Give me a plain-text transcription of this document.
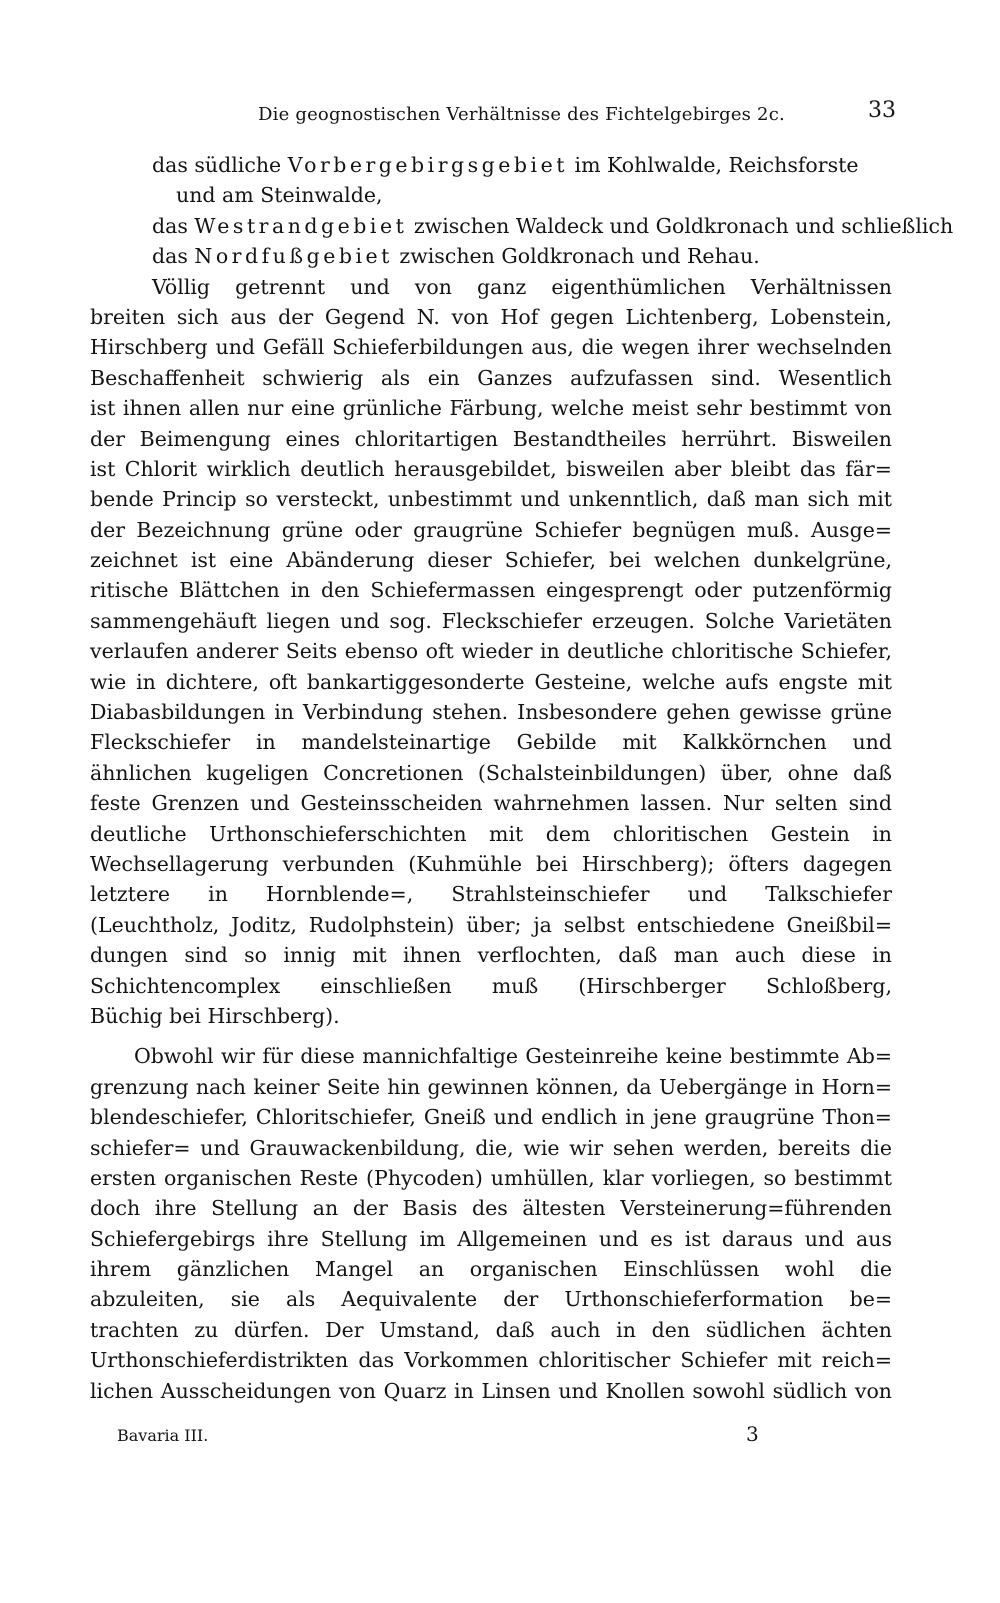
Die geognostischen Verhältnisse des Fichtelgebirges 2c.	33
das südliche Vorbergebirgsgebiet im Kohlwalde, Reichsforste
und am Steinwalde,
das Westrandgebiet zwischen Waldeck und Goldkronach und schließlich
das Nordfußgebiet zwischen Goldkronach und Rehau.
Völlig getrennt und von ganz eigenthümlichen Verhältnissen
breiten sich aus der Gegend N. von Hof gegen Lichtenberg, Lobenstein,
Hirschberg und Gefäll Schieferbildungen aus, die wegen ihrer wechselnden
Beschaffenheit schwierig als ein Ganzes aufzufassen sind. Wesentlich
ist ihnen allen nur eine grünliche Färbung, welche meist sehr bestimmt von
der Beimengung eines chloritartigen Bestandtheiles herrührt. Bisweilen
ist Chlorit wirklich deutlich herausgebildet, bisweilen aber bleibt das fär=
bende Princip so versteckt, unbestimmt und unkenntlich, daß man sich mit
der Bezeichnung grüne oder graugrüne Schiefer begnügen muß. Ausge=
zeichnet ist eine Abänderung dieser Schiefer, bei welchen dunkelgrüne,
ritische Blättchen in den Schiefermassen eingesprengt oder putzenförmig
sammengehäuft liegen und sog. Fleckschiefer erzeugen. Solche Varietäten
verlaufen anderer Seits ebenso oft wieder in deutliche chloritische Schiefer,
wie in dichtere, oft bankartiggesonderte Gesteine, welche aufs engste mit
Diabasbildungen in Verbindung stehen. Insbesondere gehen gewisse grüne
Fleckschiefer in mandelsteinartige Gebilde mit Kalkkörnchen und
ähnlichen kugeligen Concretionen (Schalsteinbildungen) über, ohne daß
feste Grenzen und Gesteinsscheiden wahrnehmen lassen. Nur selten sind
deutliche Urthonschieferschichten mit dem chloritischen Gestein in
Wechsellagerung verbunden (Kuhmühle bei Hirschberg); öfters dagegen
letztere in Hornblende=, Strahlsteinschiefer und Talkschiefer
(Leuchtholz, Joditz, Rudolphstein) über; ja selbst entschiedene Gneißbil=
dungen sind so innig mit ihnen verflochten, daß man auch diese in
Schichtencomplex einschließen muß (Hirschberger Schloßberg,
Büchig bei Hirschberg).
Obwohl wir für diese mannichfaltige Gesteinreihe keine bestimmte Ab=
grenzung nach keiner Seite hin gewinnen können, da Uebergänge in Horn=
blendeschiefer, Chloritschiefer, Gneiß und endlich in jene graugrüne Thon=
schiefer= und Grauwackenbildung, die, wie wir sehen werden, bereits die
ersten organischen Reste (Phycoden) umhüllen, klar vorliegen, so bestimmt
doch ihre Stellung an der Basis des ältesten Versteinerung=führenden
Schiefergebirgs ihre Stellung im Allgemeinen und es ist daraus und aus
ihrem gänzlichen Mangel an organischen Einschlüssen wohl die
abzuleiten, sie als Aequivalente der Urthonschieferformation be=
trachten zu dürfen. Der Umstand, daß auch in den südlichen ächten
Urthonschieferdistrikten das Vorkommen chloritischer Schiefer mit reich=
lichen Ausscheidungen von Quarz in Linsen und Knollen sowohl südlich von
Bavaria III.	3
